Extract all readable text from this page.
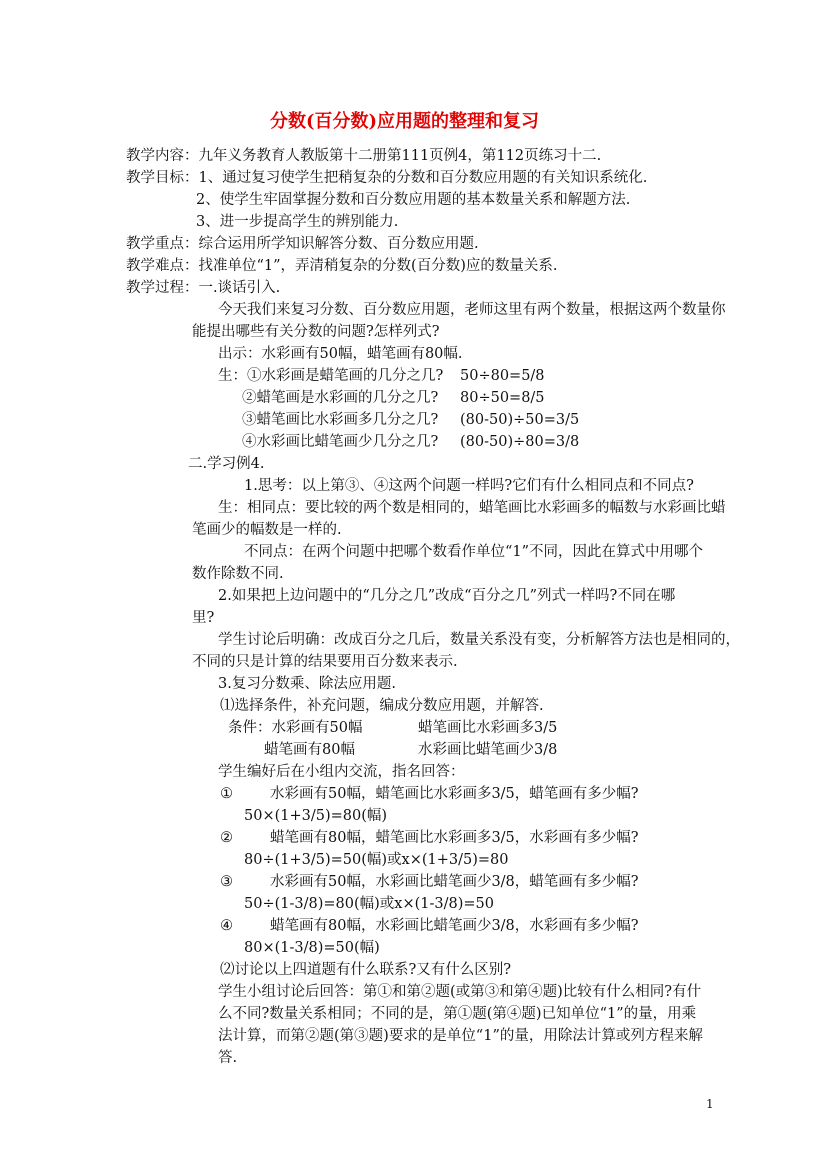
分数(百分数)应用题的整理和复习
教学内容：九年义务教育人教版第十二册第111页例4，第112页练习十二.
教学目标：1、通过复习使学生把稍复杂的分数和百分数应用题的有关知识系统化.
2、使学生牢固掌握分数和百分数应用题的基本数量关系和解题方法.
3、进一步提高学生的辨别能力.
教学重点：综合运用所学知识解答分数、百分数应用题.
教学难点：找准单位“1”，弄清稍复杂的分数(百分数)应的数量关系.
教学过程：一.谈话引入.
今天我们来复习分数、百分数应用题，老师这里有两个数量，根据这两个数量你
能提出哪些有关分数的问题?怎样列式?
出示：水彩画有50幅，蜡笔画有80幅.
生：①水彩画是蜡笔画的几分之几? 50÷80=5/8
②蜡笔画是水彩画的几分之几? 80÷50=8/5
③蜡笔画比水彩画多几分之几? (80-50)÷50=3/5
④水彩画比蜡笔画少几分之几? (80-50)÷80=3/8
二.学习例4.
1.思考：以上第③、④这两个问题一样吗?它们有什么相同点和不同点?
生：相同点：要比较的两个数是相同的，蜡笔画比水彩画多的幅数与水彩画比蜡
笔画少的幅数是一样的.
不同点：在两个问题中把哪个数看作单位“1”不同，因此在算式中用哪个
数作除数不同.
2.如果把上边问题中的“几分之几”改成“百分之几”列式一样吗?不同在哪
里?
学生讨论后明确：改成百分之几后，数量关系没有变，分析解答方法也是相同的，
不同的只是计算的结果要用百分数来表示.
3.复习分数乘、除法应用题.
⑴选择条件，补充问题，编成分数应用题，并解答.
条件：水彩画有50幅	蜡笔画比水彩画多3/5
蜡笔画有80幅	水彩画比蜡笔画少3/8
学生编好后在小组内交流，指名回答：
①	水彩画有50幅，蜡笔画比水彩画多3/5，蜡笔画有多少幅?
50×(1+3/5)=80(幅)
②	蜡笔画有80幅，蜡笔画比水彩画多3/5，水彩画有多少幅?
80÷(1+3/5)=50(幅)或x×(1+3/5)=80
③	水彩画有50幅，水彩画比蜡笔画少3/8，蜡笔画有多少幅?
50÷(1-3/8)=80(幅)或x×(1-3/8)=50
④	蜡笔画有80幅，水彩画比蜡笔画少3/8，水彩画有多少幅?
80×(1-3/8)=50(幅)
⑵讨论以上四道题有什么联系?又有什么区别?
学生小组讨论后回答：第①和第②题(或第③和第④题)比较有什么相同?有什
么不同?数量关系相同；不同的是，第①题(第④题)已知单位“1”的量，用乘
法计算，而第②题(第③题)要求的是单位“1”的量，用除法计算或列方程来解
答.
1
